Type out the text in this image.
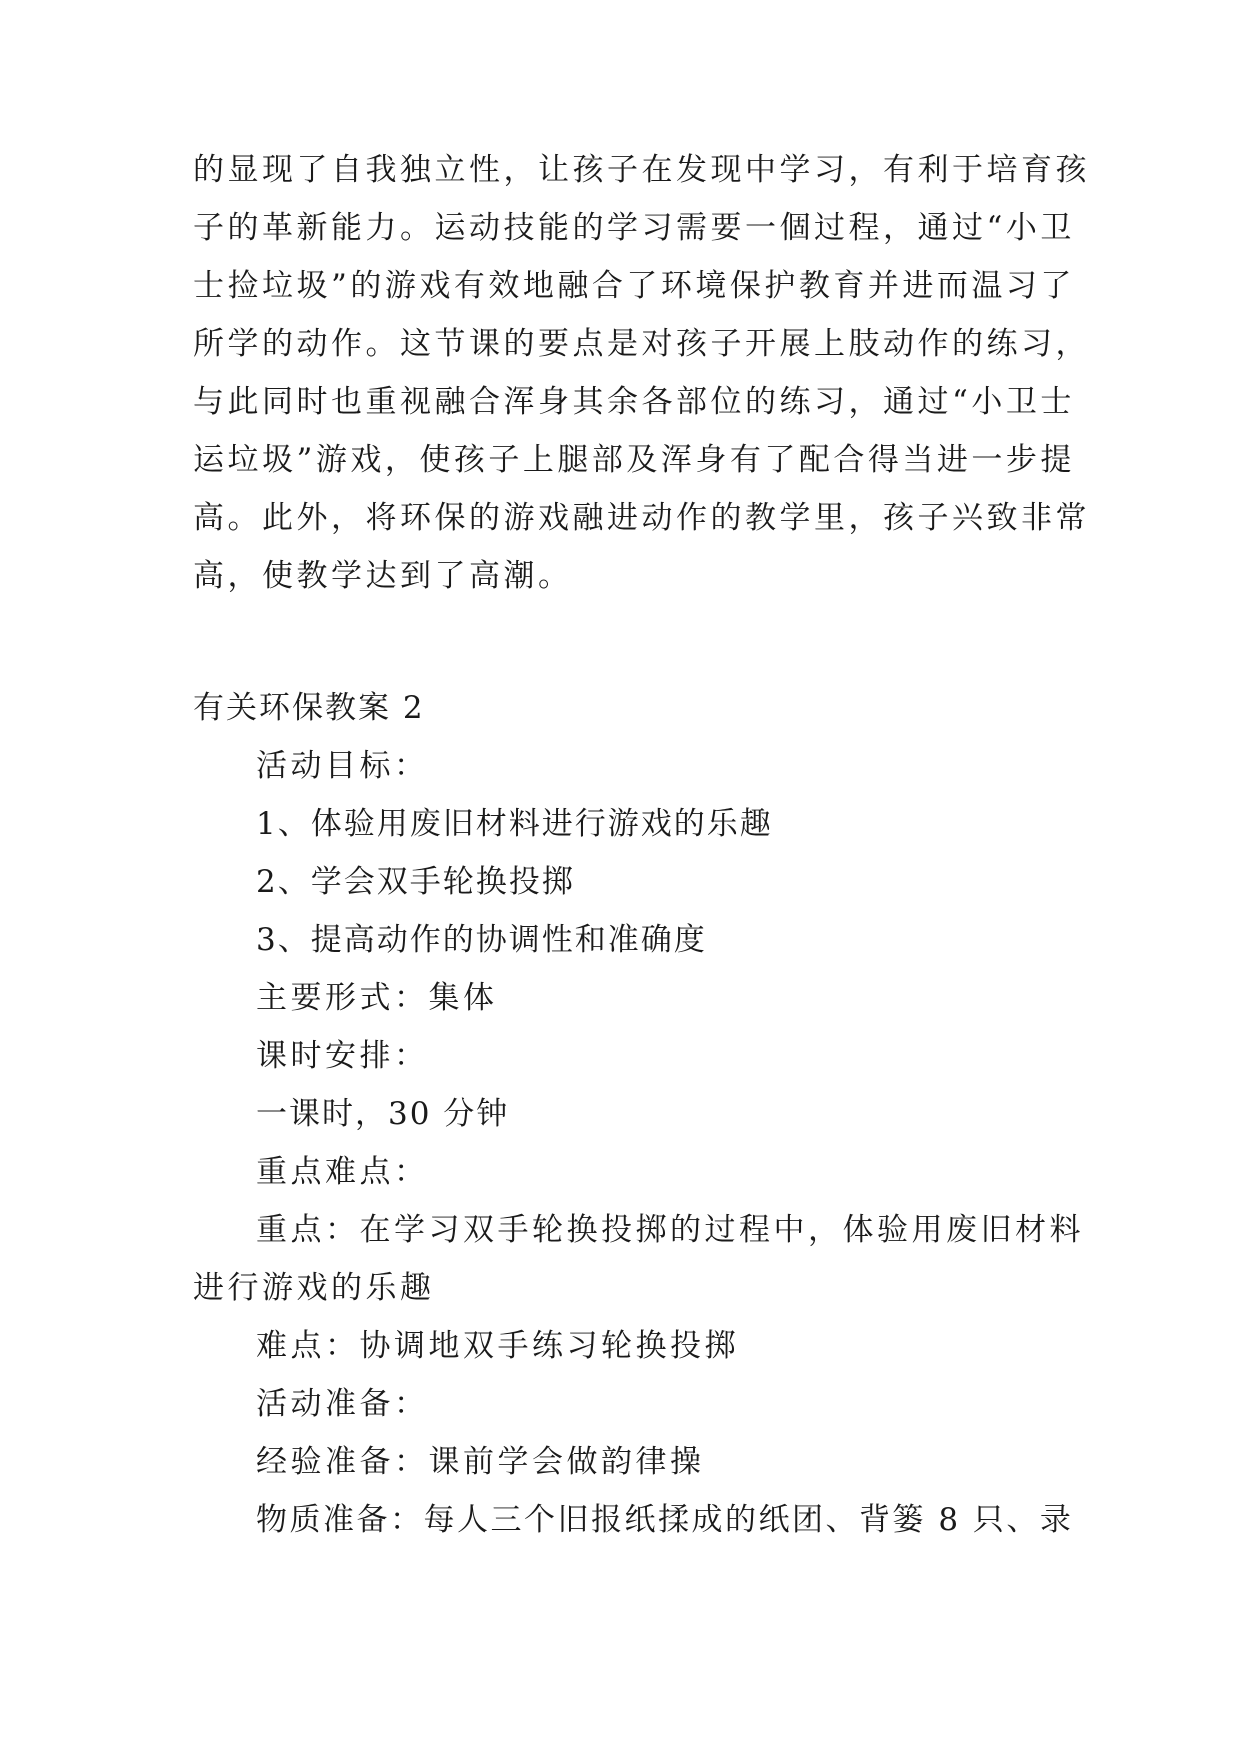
的显现了自我独立性，让孩子在发现中学习，有利于培育孩
子的革新能力。运动技能的学习需要一個过程，通过“小卫
士捡垃圾”的游戏有效地融合了环境保护教育并进而温习了
所学的动作。这节课的要点是对孩子开展上肢动作的练习，
与此同时也重视融合浑身其余各部位的练习，通过“小卫士
运垃圾”游戏，使孩子上腿部及浑身有了配合得当进一步提
高。此外，将环保的游戏融进动作的教学里，孩子兴致非常
高，使教学达到了高潮。
有关环保教案 2
活动目标：
1、体验用废旧材料进行游戏的乐趣
2、学会双手轮换投掷
3、提高动作的协调性和准确度
主要形式：集体
课时安排：
一课时，30 分钟
重点难点：
重点：在学习双手轮换投掷的过程中，体验用废旧材料
进行游戏的乐趣
难点：协调地双手练习轮换投掷
活动准备：
经验准备：课前学会做韵律操
物质准备：每人三个旧报纸揉成的纸团、背篓 8 只、录
